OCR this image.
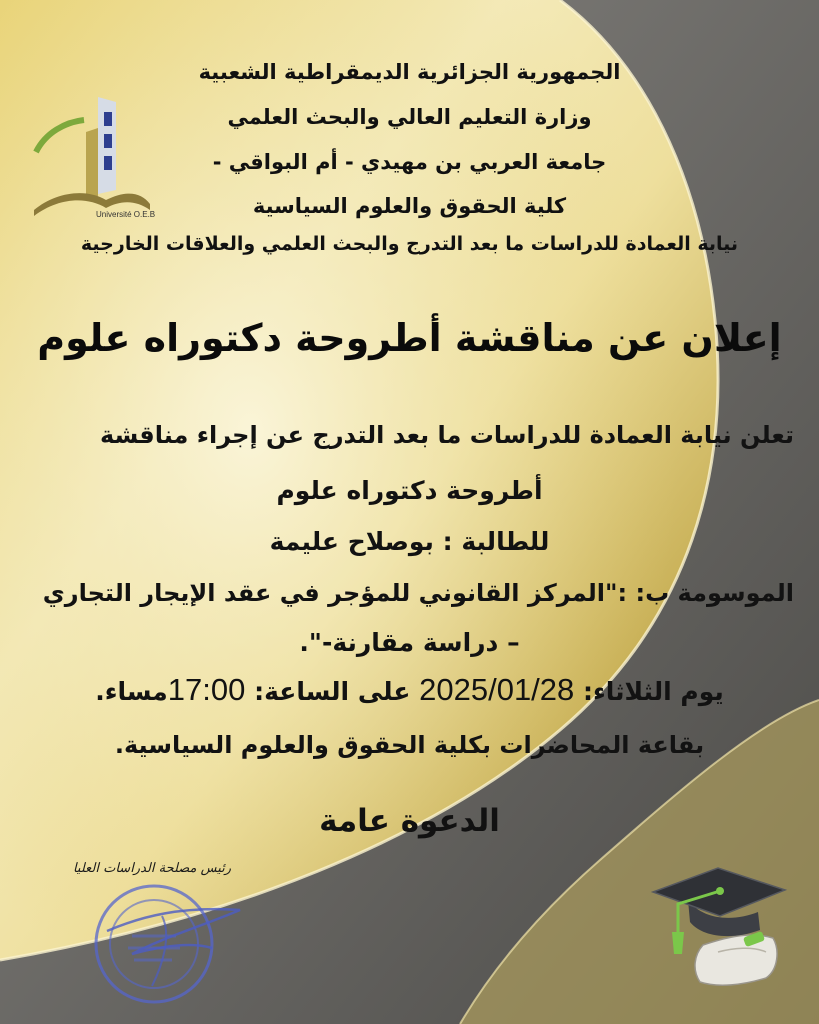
Université O.E.B
الجمهورية الجزائرية الديمقراطية الشعبية
وزارة التعليم العالي والبحث العلمي
جامعة العربي بن مهيدي - أم البواقي -
كلية الحقوق والعلوم السياسية
نيابة العمادة للدراسات ما بعد التدرج والبحث العلمي والعلاقات الخارجية
إعلان عن مناقشة أطروحة دكتوراه علوم
تعلن نيابة العمادة للدراسات ما بعد التدرج عن إجراء مناقشة
أطروحة دكتوراه علوم
للطالبة : بوصلاح عليمة
الموسومة ب: :"المركز القانوني للمؤجر في عقد الإيجار التجاري
– دراسة مقارنة-".
يوم الثلاثاء: 2025/01/28 على الساعة: 17:00مساء.
بقاعة المحاضرات بكلية الحقوق والعلوم السياسية.
الدعوة عامة
رئيس مصلحة الدراسات العليا
